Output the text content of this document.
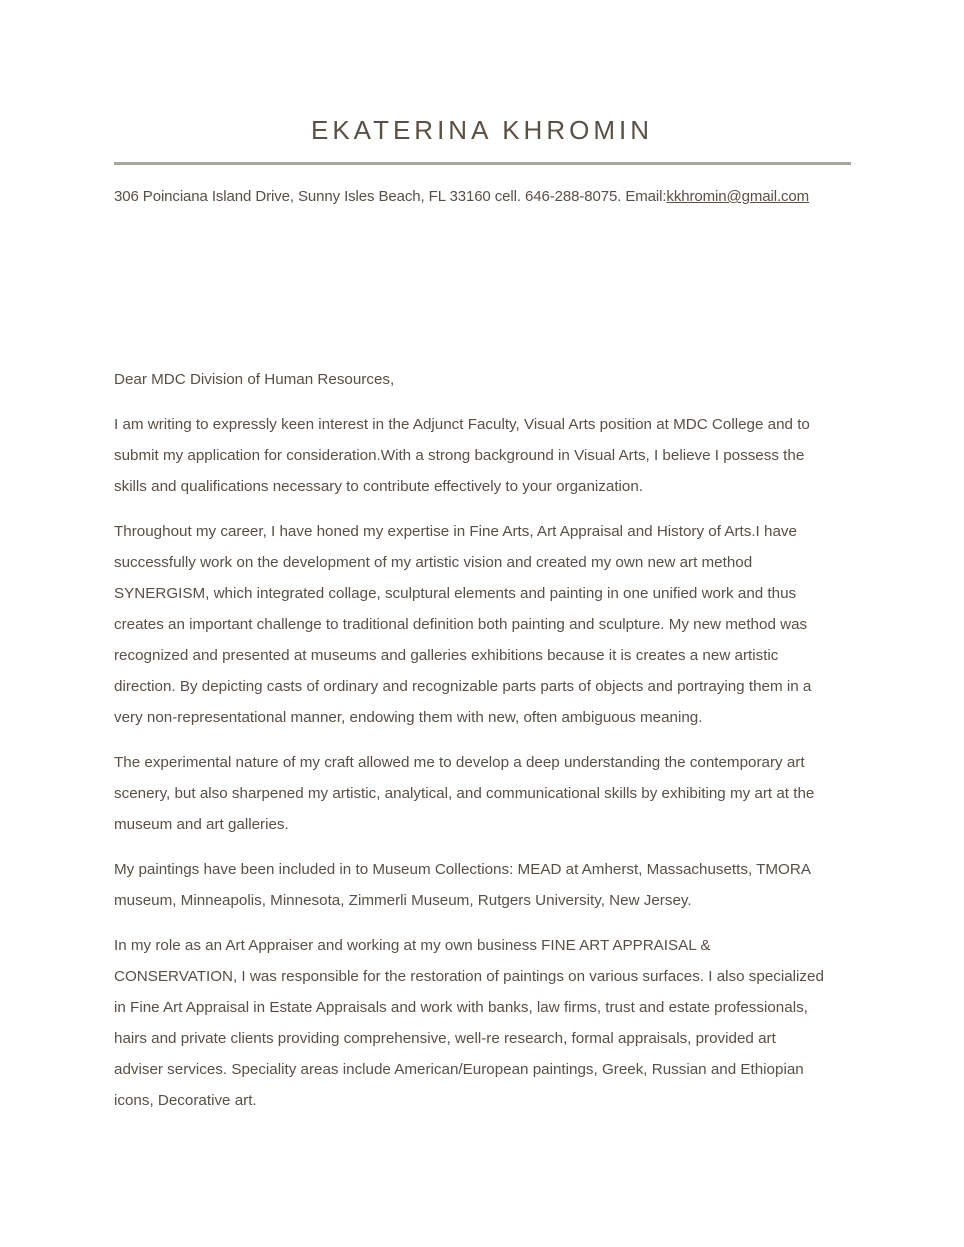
EKATERINA KHROMIN
306 Poinciana Island Drive, Sunny Isles Beach, FL 33160 cell. 646-288-8075. Email:kkhromin@gmail.com

Dear MDC Division of Human Resources,

I am writing to expressly keen interest in the Adjunct Faculty, Visual Arts position at MDC College and to
submit my application for consideration.With a strong background in Visual Arts, I believe I possess the
skills and qualifications necessary to contribute effectively to your organization.

Throughout my career, I have honed my expertise in Fine Arts, Art Appraisal and History of Arts.I have
successfully work on the development of my artistic vision and created my own new art method
SYNERGISM, which integrated collage, sculptural elements and painting in one unified work and thus
creates an important challenge to traditional definition both painting and sculpture. My new method was
recognized and presented at museums and galleries exhibitions because it is creates a new artistic
direction. By depicting casts of ordinary and recognizable parts parts of objects and portraying them in a
very non-representational manner, endowing them with new, often ambiguous meaning.

The experimental nature of my craft allowed me to develop a deep understanding the contemporary art
scenery, but also sharpened my artistic, analytical, and communicational skills by exhibiting my art at the
museum and art galleries.

My paintings have been included in to Museum Collections: MEAD at Amherst, Massachusetts, TMORA
museum, Minneapolis, Minnesota, Zimmerli Museum, Rutgers University, New Jersey.

In my role as an Art Appraiser and working at my own business FINE ART APPRAISAL &
CONSERVATION, I was responsible for the restoration of paintings on various surfaces. I also specialized
in Fine Art Appraisal in Estate Appraisals and work with banks, law firms, trust and estate professionals,
hairs and private clients providing comprehensive, well-re research, formal appraisals, provided art
adviser services. Speciality areas include American/European paintings, Greek, Russian and Ethiopian
icons, Decorative art.
